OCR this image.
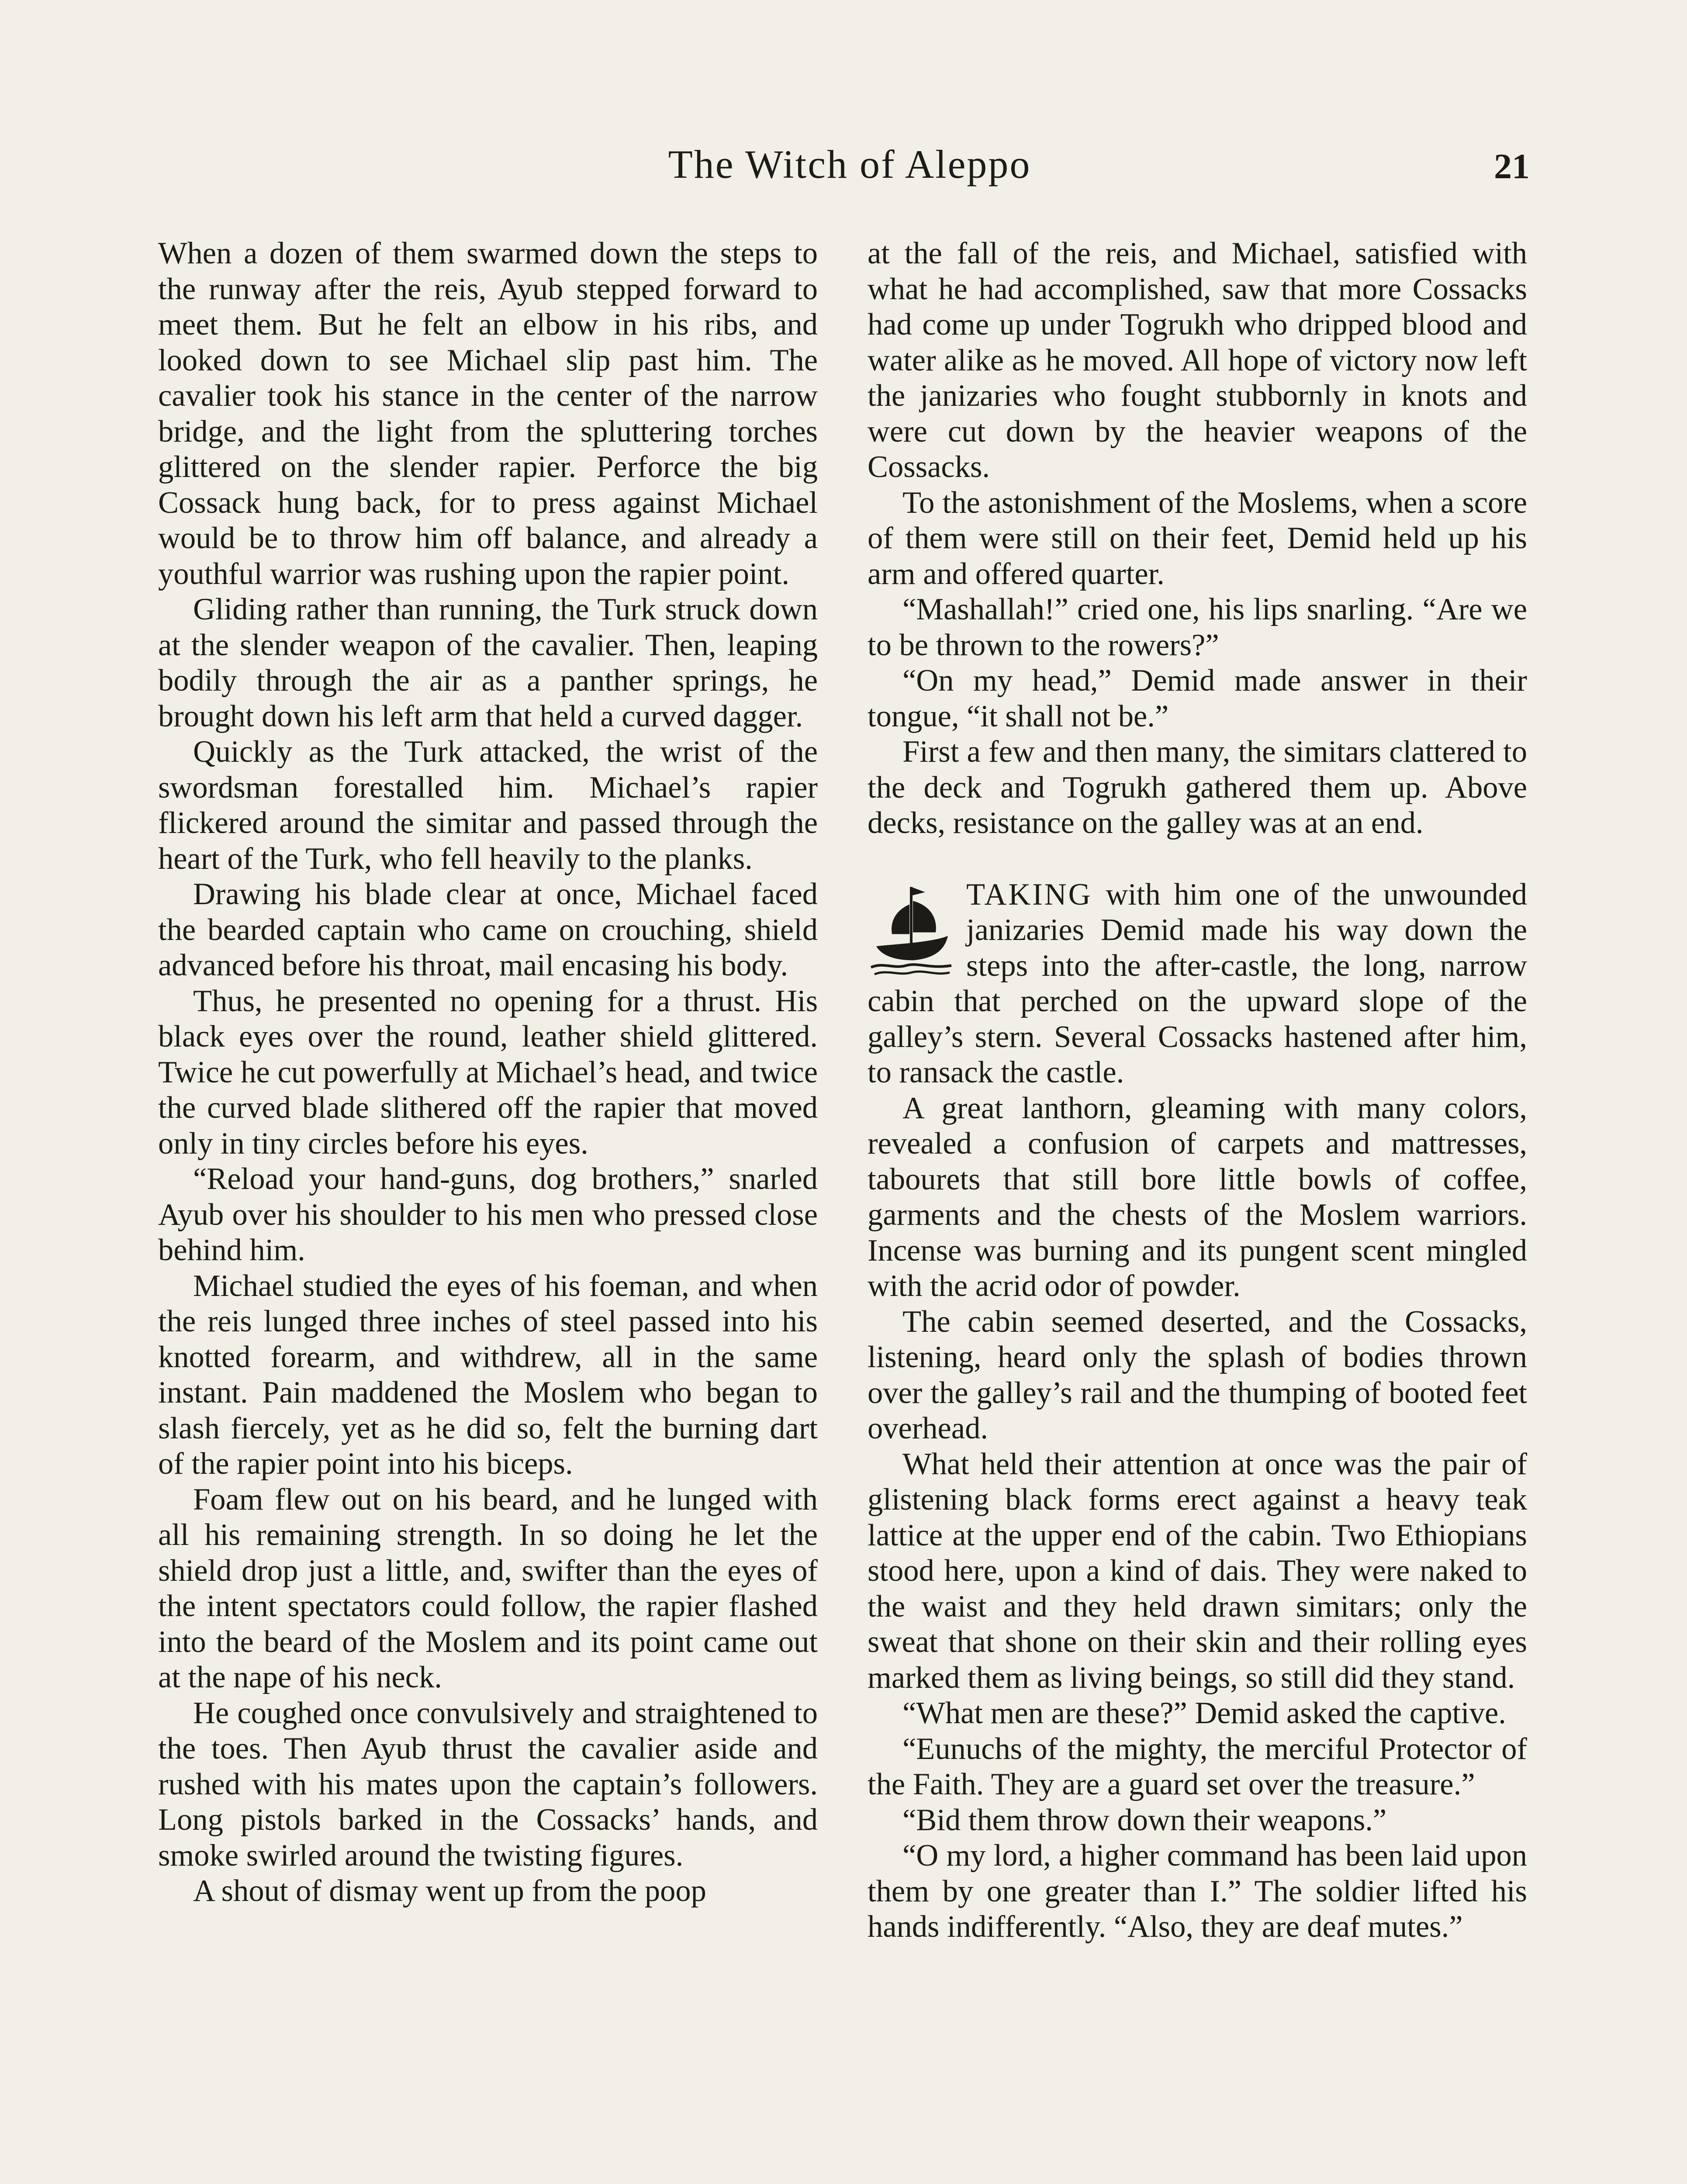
The Witch of Aleppo	21

When a dozen of them swarmed down the steps to the runway after the reis, Ayub stepped forward to meet them. But he felt an elbow in his ribs, and looked down to see Michael slip past him. The cavalier took his stance in the center of the narrow bridge, and the light from the spluttering torches glittered on the slender rapier. Perforce the big Cossack hung back, for to press against Michael would be to throw him off balance, and already a youthful warrior was rushing upon the rapier point.

Gliding rather than running, the Turk struck down at the slender weapon of the cavalier. Then, leaping bodily through the air as a panther springs, he brought down his left arm that held a curved dagger.

Quickly as the Turk attacked, the wrist of the swordsman forestalled him. Michael’s rapier flickered around the simitar and passed through the heart of the Turk, who fell heavily to the planks.

Drawing his blade clear at once, Michael faced the bearded captain who came on crouching, shield advanced before his throat, mail encasing his body.

Thus, he presented no opening for a thrust. His black eyes over the round, leather shield glittered. Twice he cut powerfully at Michael’s head, and twice the curved blade slithered off the rapier that moved only in tiny circles before his eyes.

“Reload your hand-guns, dog brothers,” snarled Ayub over his shoulder to his men who pressed close behind him.

Michael studied the eyes of his foeman, and when the reis lunged three inches of steel passed into his knotted forearm, and withdrew, all in the same instant. Pain maddened the Moslem who began to slash fiercely, yet as he did so, felt the burning dart of the rapier point into his biceps.

Foam flew out on his beard, and he lunged with all his remaining strength. In so doing he let the shield drop just a little, and, swifter than the eyes of the intent spectators could follow, the rapier flashed into the beard of the Moslem and its point came out at the nape of his neck.

He coughed once convulsively and straightened to the toes. Then Ayub thrust the cavalier aside and rushed with his mates upon the captain’s followers. Long pistols barked in the Cossacks’ hands, and smoke swirled around the twisting figures.

A shout of dismay went up from the poop

at the fall of the reis, and Michael, satisfied with what he had accomplished, saw that more Cossacks had come up under Togrukh who dripped blood and water alike as he moved. All hope of victory now left the janizaries who fought stubbornly in knots and were cut down by the heavier weapons of the Cossacks.

To the astonishment of the Moslems, when a score of them were still on their feet, Demid held up his arm and offered quarter.

“Mashallah!” cried one, his lips snarling. “Are we to be thrown to the rowers?”

“On my head,” Demid made answer in their tongue, “it shall not be.”

First a few and then many, the simitars clattered to the deck and Togrukh gathered them up. Above decks, resistance on the galley was at an end.

TAKING with him one of the unwounded janizaries Demid made his way down the steps into the after-castle, the long, narrow cabin that perched on the upward slope of the galley’s stern. Several Cossacks hastened after him, to ransack the castle.

A great lanthorn, gleaming with many colors, revealed a confusion of carpets and mattresses, tabourets that still bore little bowls of coffee, garments and the chests of the Moslem warriors. Incense was burning and its pungent scent mingled with the acrid odor of powder.

The cabin seemed deserted, and the Cossacks, listening, heard only the splash of bodies thrown over the galley’s rail and the thumping of booted feet overhead.

What held their attention at once was the pair of glistening black forms erect against a heavy teak lattice at the upper end of the cabin. Two Ethiopians stood here, upon a kind of dais. They were naked to the waist and they held drawn simitars; only the sweat that shone on their skin and their rolling eyes marked them as living beings, so still did they stand.

“What men are these?” Demid asked the captive.

“Eunuchs of the mighty, the merciful Protector of the Faith. They are a guard set over the treasure.”

“Bid them throw down their weapons.”

“O my lord, a higher command has been laid upon them by one greater than I.” The soldier lifted his hands indifferently. “Also, they are deaf mutes.”
